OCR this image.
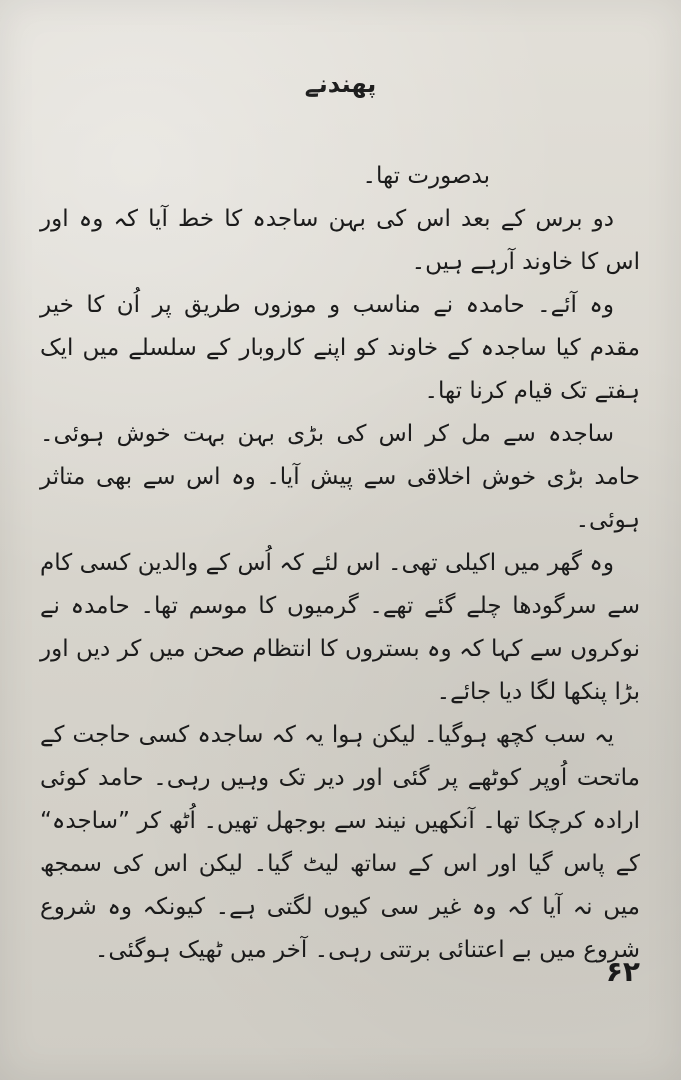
پھندنے

بدصورت تھا۔

دو برس کے بعد اس کی بہن ساجدہ کا خط آیا کہ وہ اور اس کا خاوند آرہے ہیں۔

وہ آئے۔ حامدہ نے مناسب و موزوں طریق پر اُن کا خیر مقدم کیا ساجدہ کے خاوند کو اپنے کاروبار کے سلسلے میں ایک ہفتے تک قیام کرنا تھا۔

ساجدہ سے مل کر اس کی بڑی بہن بہت خوش ہوئی۔ حامد بڑی خوش اخلاقی سے پیش آیا۔ وہ اس سے بھی متاثر ہوئی۔

وہ گھر میں اکیلی تھی۔ اس لئے کہ اُس کے والدین کسی کام سے سرگودھا چلے گئے تھے۔ گرمیوں کا موسم تھا۔ حامدہ نے نوکروں سے کہا کہ وہ بستروں کا انتظام صحن میں کر دیں اور بڑا پنکھا لگا دیا جائے۔

یہ سب کچھ ہوگیا۔ لیکن ہوا یہ کہ ساجدہ کسی حاجت کے ماتحت اُوپر کوٹھے پر گئی اور دیر تک وہیں رہی۔ حامد کوئی ارادہ کرچکا تھا۔ آنکھیں نیند سے بوجھل تھیں۔ اُٹھ کر ”ساجدہ“ کے پاس گیا اور اس کے ساتھ لیٹ گیا۔ لیکن اس کی سمجھ میں نہ آیا کہ وہ غیر سی کیوں لگتی ہے۔ کیونکہ وہ شروع شروع میں بے اعتنائی برتتی رہی۔ آخر میں ٹھیک ہوگئی۔

۶۲
